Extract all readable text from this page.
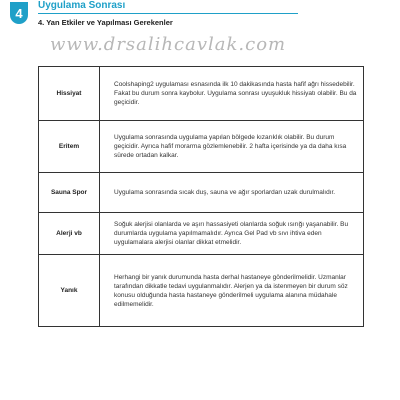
4 Uygulama Sonrası
4. Yan Etkiler ve Yapılması Gerekenler
www.drsalihcavlak.com
Hissiyat	Coolshaping2 uygulaması esnasında ilk 10 dakikasında hasta hafif ağrı hissedebilir. Fakat bu durum sonra kaybolur. Uygulama sonrası uyuşukluk hissiyatı olabilir. Bu da geçicidir.
Eritem	Uygulama sonrasında uygulama yapılan bölgede kızarıklık olabilir. Bu durum geçicidir. Ayrıca hafif morarma gözlemlenebilir. 2 hafta içerisinde ya da daha kısa sürede ortadan kalkar.
Sauna Spor	Uygulama sonrasında sıcak duş, sauna ve ağır sporlardan uzak durulmalıdır.
Alerji vb	Soğuk alerjisi olanlarda ve aşırı hassasiyeti olanlarda soğuk ısırığı yaşanabilir. Bu durumlarda uygulama yapılmamalıdır. Ayrıca Gel Pad vb sıvı ihtiva eden uygulamalara alerjisi olanlar dikkat etmelidir.
Yanık	Herhangi bir yanık durumunda hasta derhal hastaneye gönderilmelidir. Uzmanlar tarafından dikkatle tedavi uygulanmalıdır. Alerjen ya da istenmeyen bir durum söz konusu olduğunda hasta hastaneye gönderilmeli uygulama alanına müdahale edilmemelidir.
